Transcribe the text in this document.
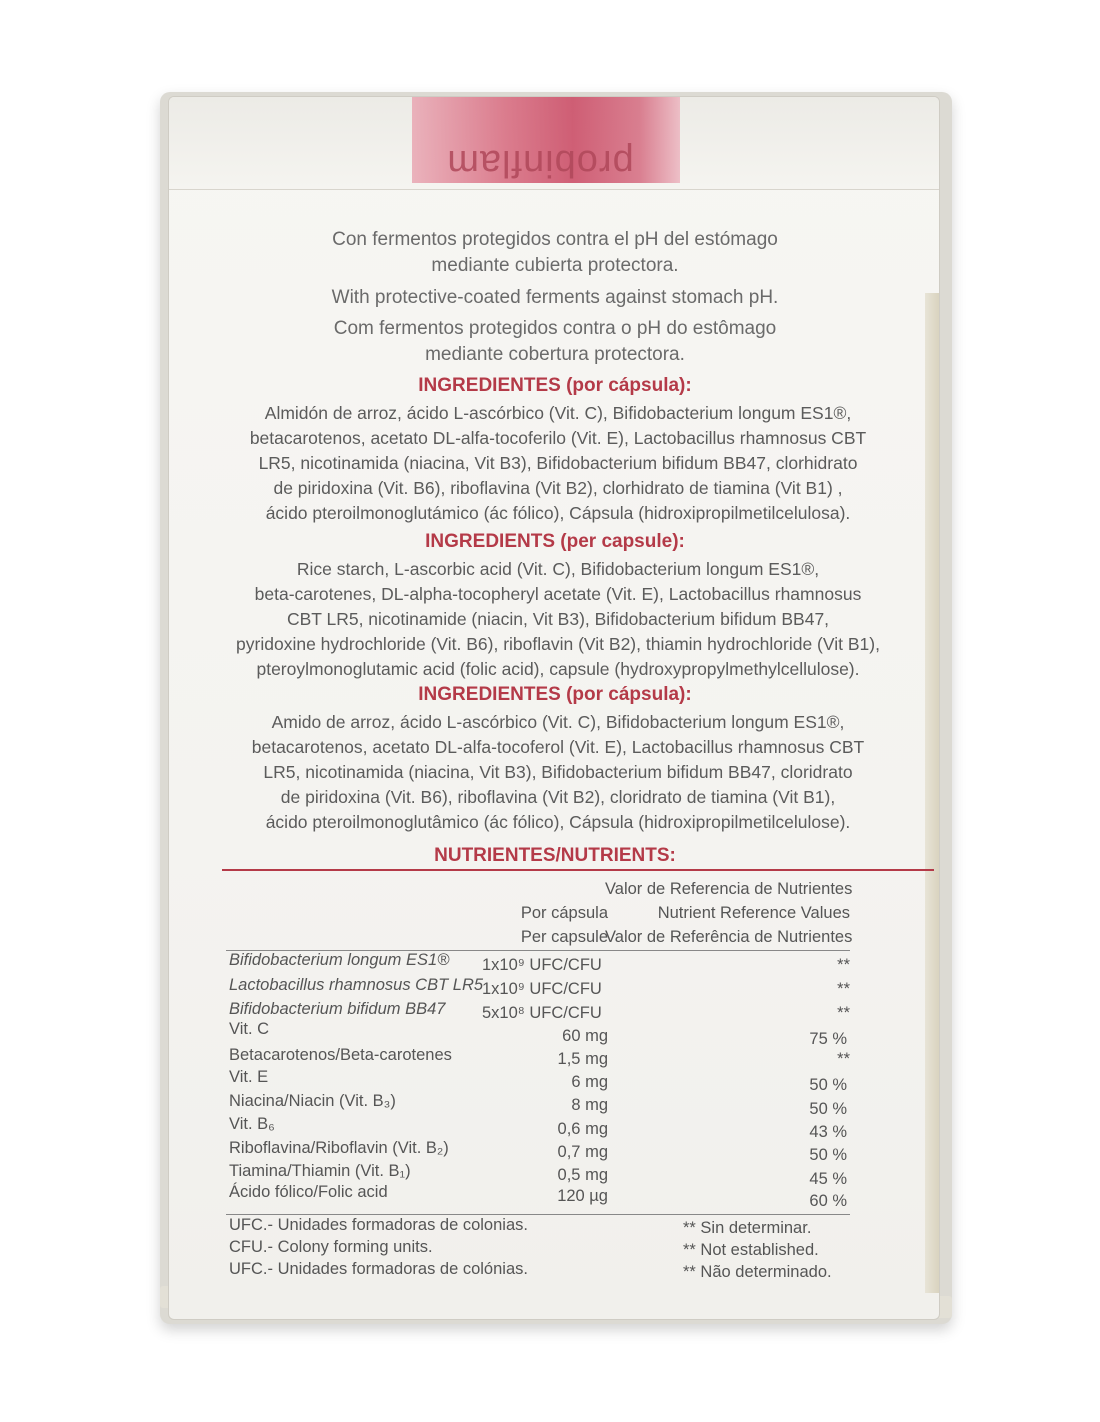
probinflam
Con fermentos protegidos contra el pH del estómago
mediante cubierta protectora.
With protective-coated ferments against stomach pH.
Com fermentos protegidos contra o pH do estômago
mediante cobertura protectora.
INGREDIENTES (por cápsula):
Almidón de arroz, ácido L-ascórbico (Vit. C), Bifidobacterium longum ES1®,
betacarotenos, acetato DL-alfa-tocoferilo (Vit. E), Lactobacillus rhamnosus CBT
LR5, nicotinamida (niacina, Vit B3), Bifidobacterium bifidum BB47, clorhidrato
de piridoxina (Vit. B6), riboflavina (Vit B2), clorhidrato de tiamina (Vit B1) ,
ácido pteroilmonoglutámico (ác fólico), Cápsula (hidroxipropilmetilcelulosa).
INGREDIENTS (per capsule):
Rice starch, L-ascorbic acid (Vit. C), Bifidobacterium longum ES1®,
beta-carotenes, DL-alpha-tocopheryl acetate (Vit. E), Lactobacillus rhamnosus
CBT LR5, nicotinamide (niacin, Vit B3), Bifidobacterium bifidum BB47,
pyridoxine hydrochloride (Vit. B6), riboflavin (Vit B2), thiamin hydrochloride (Vit B1),
pteroylmonoglutamic acid (folic acid), capsule (hydroxypropylmethylcellulose).
INGREDIENTES (por cápsula):
Amido de arroz, ácido L-ascórbico (Vit. C), Bifidobacterium longum ES1®,
betacarotenos, acetato DL-alfa-tocoferol (Vit. E), Lactobacillus rhamnosus CBT
LR5, nicotinamida (niacina, Vit B3), Bifidobacterium bifidum BB47, cloridrato
de piridoxina (Vit. B6), riboflavina (Vit B2), cloridrato de tiamina (Vit B1),
ácido pteroilmonoglutâmico (ác fólico), Cápsula (hidroxipropilmetilcelulose).
NUTRIENTES/NUTRIENTS:
Valor de Referencia de Nutrientes
Por cápsula	Nutrient Reference Values
Per capsule
Valor de Referência de Nutrientes
Bifidobacterium longum ES1® 1x10⁹ UFC/CFU	**
Lactobacillus rhamnosus CBT LR5
1x10⁹ UFC/CFU	**
Bifidobacterium bifidum BB47 5x10⁸ UFC/CFU	**
Vit. C	60 mg	75 %
Betacarotenos/Beta-carotenes	1,5 mg	**
Vit. E	6 mg	50 %
Niacina/Niacin (Vit. B₃)	8 mg	50 %
Vit. B₆	0,6 mg	43 %
Riboflavina/Riboflavin (Vit. B₂)	0,7 mg	50 %
Tiamina/Thiamin (Vit. B₁)	0,5 mg	45 %
Ácido fólico/Folic acid	120 µg	60 %
UFC.- Unidades formadoras de colonias.
CFU.- Colony forming units.
UFC.- Unidades formadoras de colónias.
** Sin determinar.
** Not established.
** Não determinado.
